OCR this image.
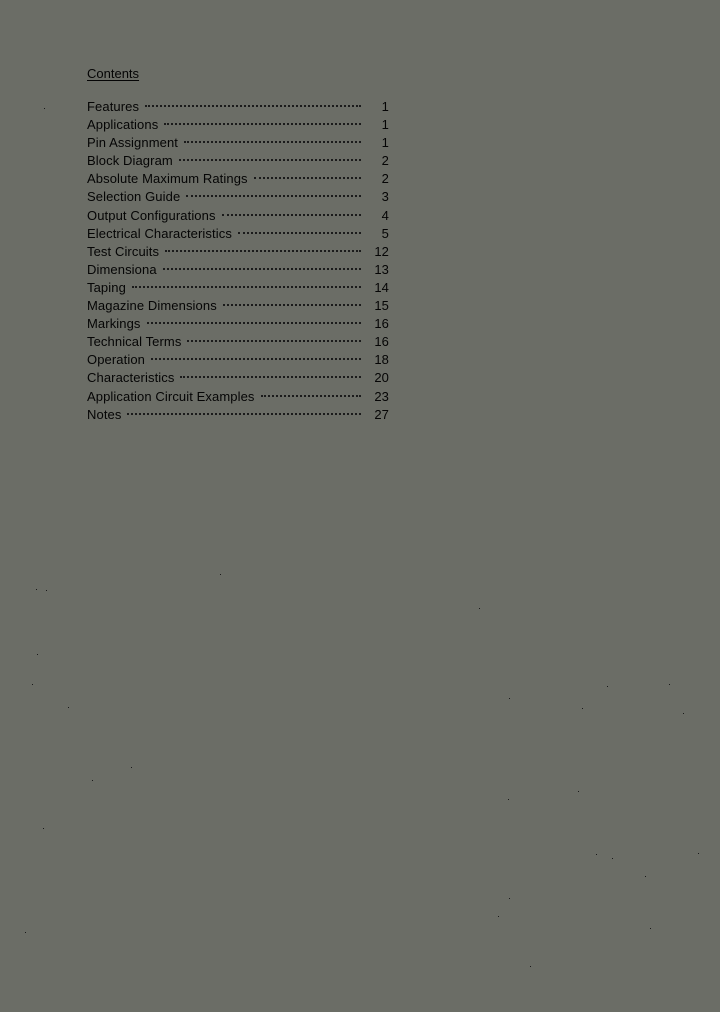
Contents
Features	1
Applications	1
Pin Assignment	1
Block Diagram	2
Absolute Maximum Ratings	2
Selection Guide	3
Output Configurations	4
Electrical Characteristics	5
Test Circuits	12
Dimensiona	13
Taping	14
Magazine Dimensions	15
Markings	16
Technical Terms	16
Operation	18
Characteristics	20
Application Circuit Examples	23
Notes	27
